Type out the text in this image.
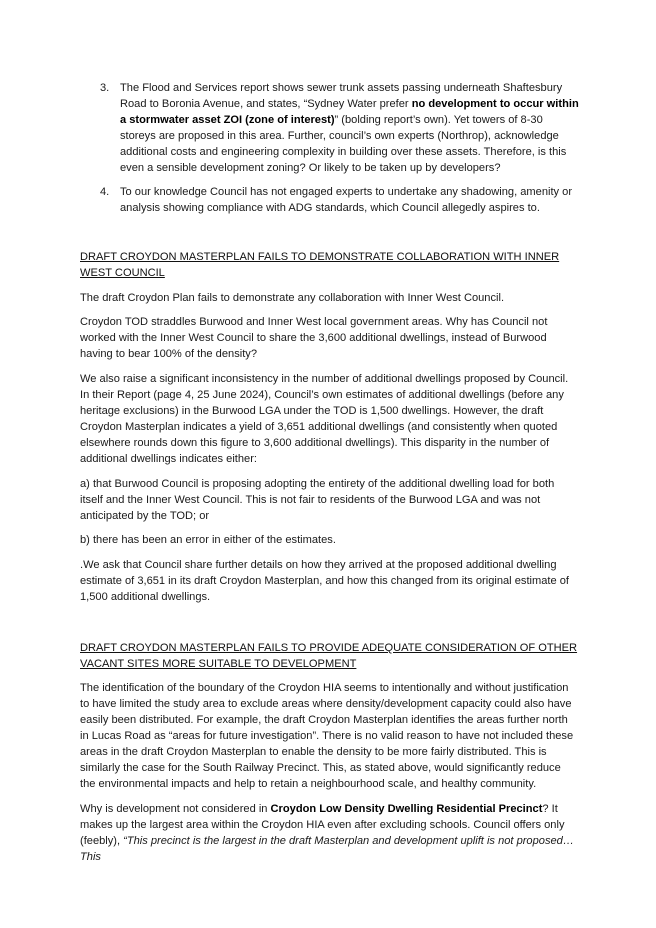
3. The Flood and Services report shows sewer trunk assets passing underneath Shaftesbury Road to Boronia Avenue, and states, “Sydney Water prefer no development to occur within a stormwater asset ZOI (zone of interest)” (bolding report’s own). Yet towers of 8-30 storeys are proposed in this area. Further, council’s own experts (Northrop), acknowledge additional costs and engineering complexity in building over these assets. Therefore, is this even a sensible development zoning? Or likely to be taken up by developers?

4. To our knowledge Council has not engaged experts to undertake any shadowing, amenity or analysis showing compliance with ADG standards, which Council allegedly aspires to.

DRAFT CROYDON MASTERPLAN FAILS TO DEMONSTRATE COLLABORATION WITH INNER WEST COUNCIL

The draft Croydon Plan fails to demonstrate any collaboration with Inner West Council.

Croydon TOD straddles Burwood and Inner West local government areas. Why has Council not worked with the Inner West Council to share the 3,600 additional dwellings, instead of Burwood having to bear 100% of the density?

We also raise a significant inconsistency in the number of additional dwellings proposed by Council. In their Report (page 4, 25 June 2024), Council’s own estimates of additional dwellings (before any heritage exclusions) in the Burwood LGA under the TOD is 1,500 dwellings. However, the draft Croydon Masterplan indicates a yield of 3,651 additional dwellings (and consistently when quoted elsewhere rounds down this figure to 3,600 additional dwellings). This disparity in the number of additional dwellings indicates either:

a) that Burwood Council is proposing adopting the entirety of the additional dwelling load for both itself and the Inner West Council. This is not fair to residents of the Burwood LGA and was not anticipated by the TOD; or

b) there has been an error in either of the estimates.

.We ask that Council share further details on how they arrived at the proposed additional dwelling estimate of 3,651 in its draft Croydon Masterplan, and how this changed from its original estimate of 1,500 additional dwellings.

DRAFT CROYDON MASTERPLAN FAILS TO PROVIDE ADEQUATE CONSIDERATION OF OTHER VACANT SITES MORE SUITABLE TO DEVELOPMENT

The identification of the boundary of the Croydon HIA seems to intentionally and without justification to have limited the study area to exclude areas where density/development capacity could also have easily been distributed. For example, the draft Croydon Masterplan identifies the areas further north in Lucas Road as “areas for future investigation”. There is no valid reason to have not included these areas in the draft Croydon Masterplan to enable the density to be more fairly distributed. This is similarly the case for the South Railway Precinct. This, as stated above, would significantly reduce the environmental impacts and help to retain a neighbourhood scale, and healthy community.

Why is development not considered in Croydon Low Density Dwelling Residential Precinct? It makes up the largest area within the Croydon HIA even after excluding schools. Council offers only (feebly), “This precinct is the largest in the draft Masterplan and development uplift is not proposed…This
